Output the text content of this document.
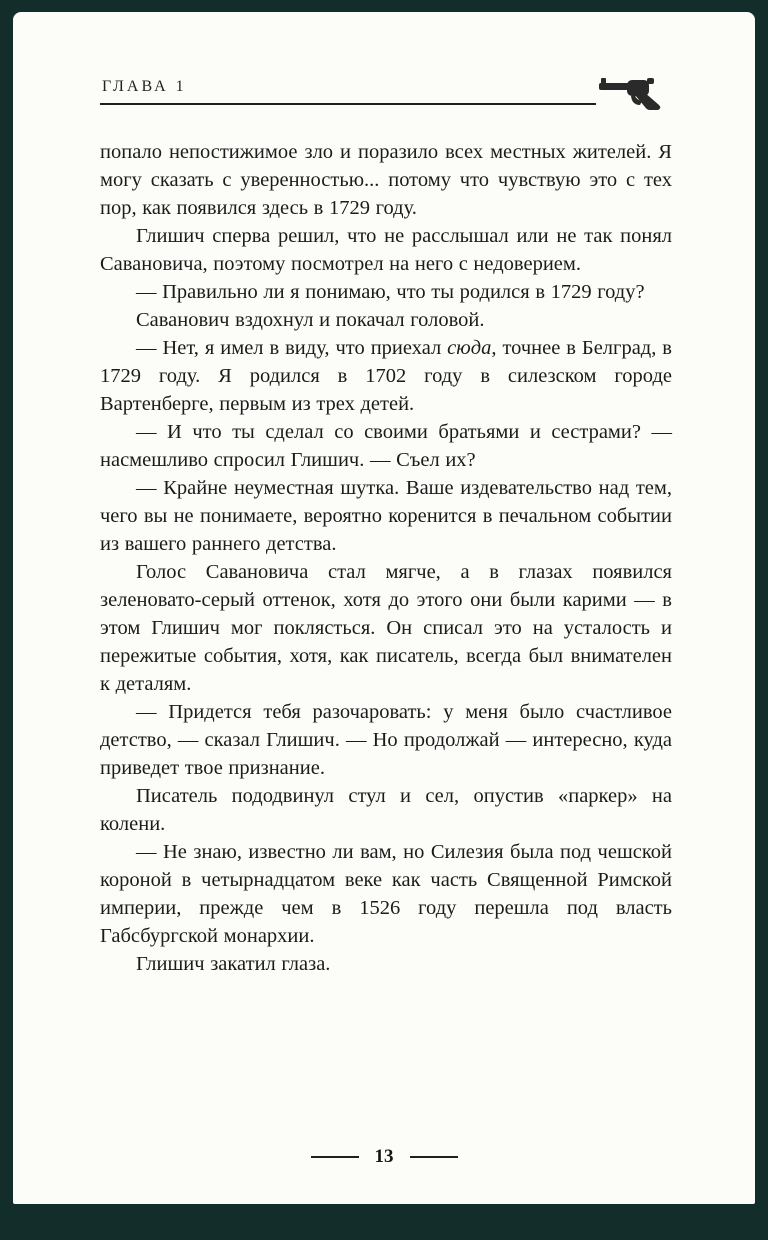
ГЛАВА 1

попало непостижимое зло и поразило всех местных жителей. Я могу сказать с уверенностью... потому что чувствую это с тех пор, как появился здесь в 1729 году.

Глишич сперва решил, что не расслышал или не так понял Савановича, поэтому посмотрел на него с недоверием.

— Правильно ли я понимаю, что ты родился в 1729 году?

Саванович вздохнул и покачал головой.

— Нет, я имел в виду, что приехал сюда, точнее в Белград, в 1729 году. Я родился в 1702 году в силезском городе Вартенберге, первым из трех детей.

— И что ты сделал со своими братьями и сестрами? — насмешливо спросил Глишич. — Съел их?

— Крайне неуместная шутка. Ваше издевательство над тем, чего вы не понимаете, вероятно коренится в печальном событии из вашего раннего детства.

Голос Савановича стал мягче, а в глазах появился зеленовато-серый оттенок, хотя до этого они были карими — в этом Глишич мог поклясться. Он списал это на усталость и пережитые события, хотя, как писатель, всегда был внимателен к деталям.

— Придется тебя разочаровать: у меня было счастливое детство, — сказал Глишич. — Но продолжай — интересно, куда приведет твое признание.

Писатель пододвинул стул и сел, опустив «паркер» на колени.

— Не знаю, известно ли вам, но Силезия была под чешской короной в четырнадцатом веке как часть Священной Римской империи, прежде чем в 1526 году перешла под власть Габсбургской монархии.

Глишич закатил глаза.

13
